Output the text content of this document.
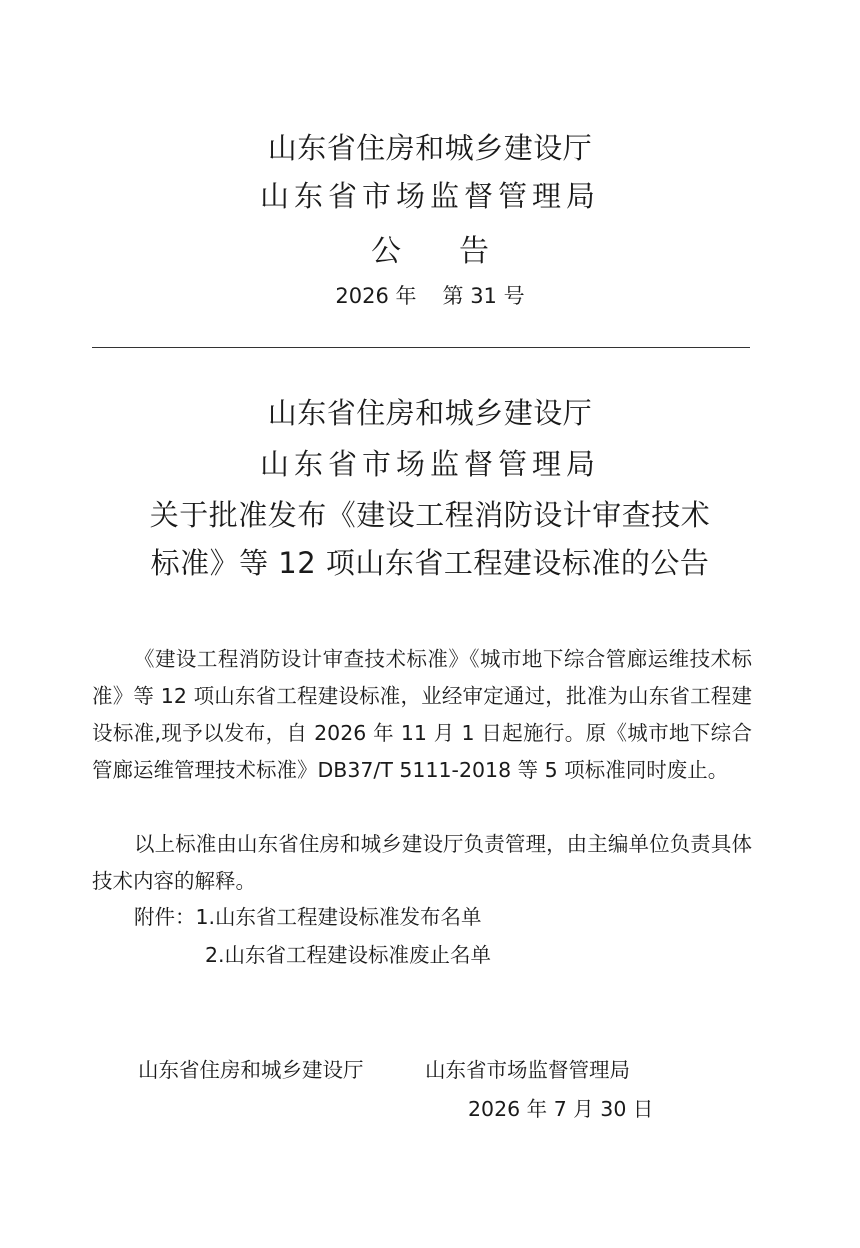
山东省住房和城乡建设厅
山东省市场监督管理局
公 告
2026 年 第 31 号
山东省住房和城乡建设厅
山东省市场监督管理局
关于批准发布《建设工程消防设计审查技术
标准》等 12 项山东省工程建设标准的公告
《建设工程消防设计审查技术标准》《城市地下综合管廊运维技术标准》等 12 项山东省工程建设标准，业经审定通过，批准为山东省工程建设标准,现予以发布，自 2026 年 11 月 1 日起施行。原《城市地下综合管廊运维管理技术标准》DB37/T 5111-2018 等 5 项标准同时废止。
以上标准由山东省住房和城乡建设厅负责管理，由主编单位负责具体技术内容的解释。
附件：1.山东省工程建设标准发布名单
2.山东省工程建设标准废止名单
山东省住房和城乡建设厅	山东省市场监督管理局
2026 年 7 月 30 日
